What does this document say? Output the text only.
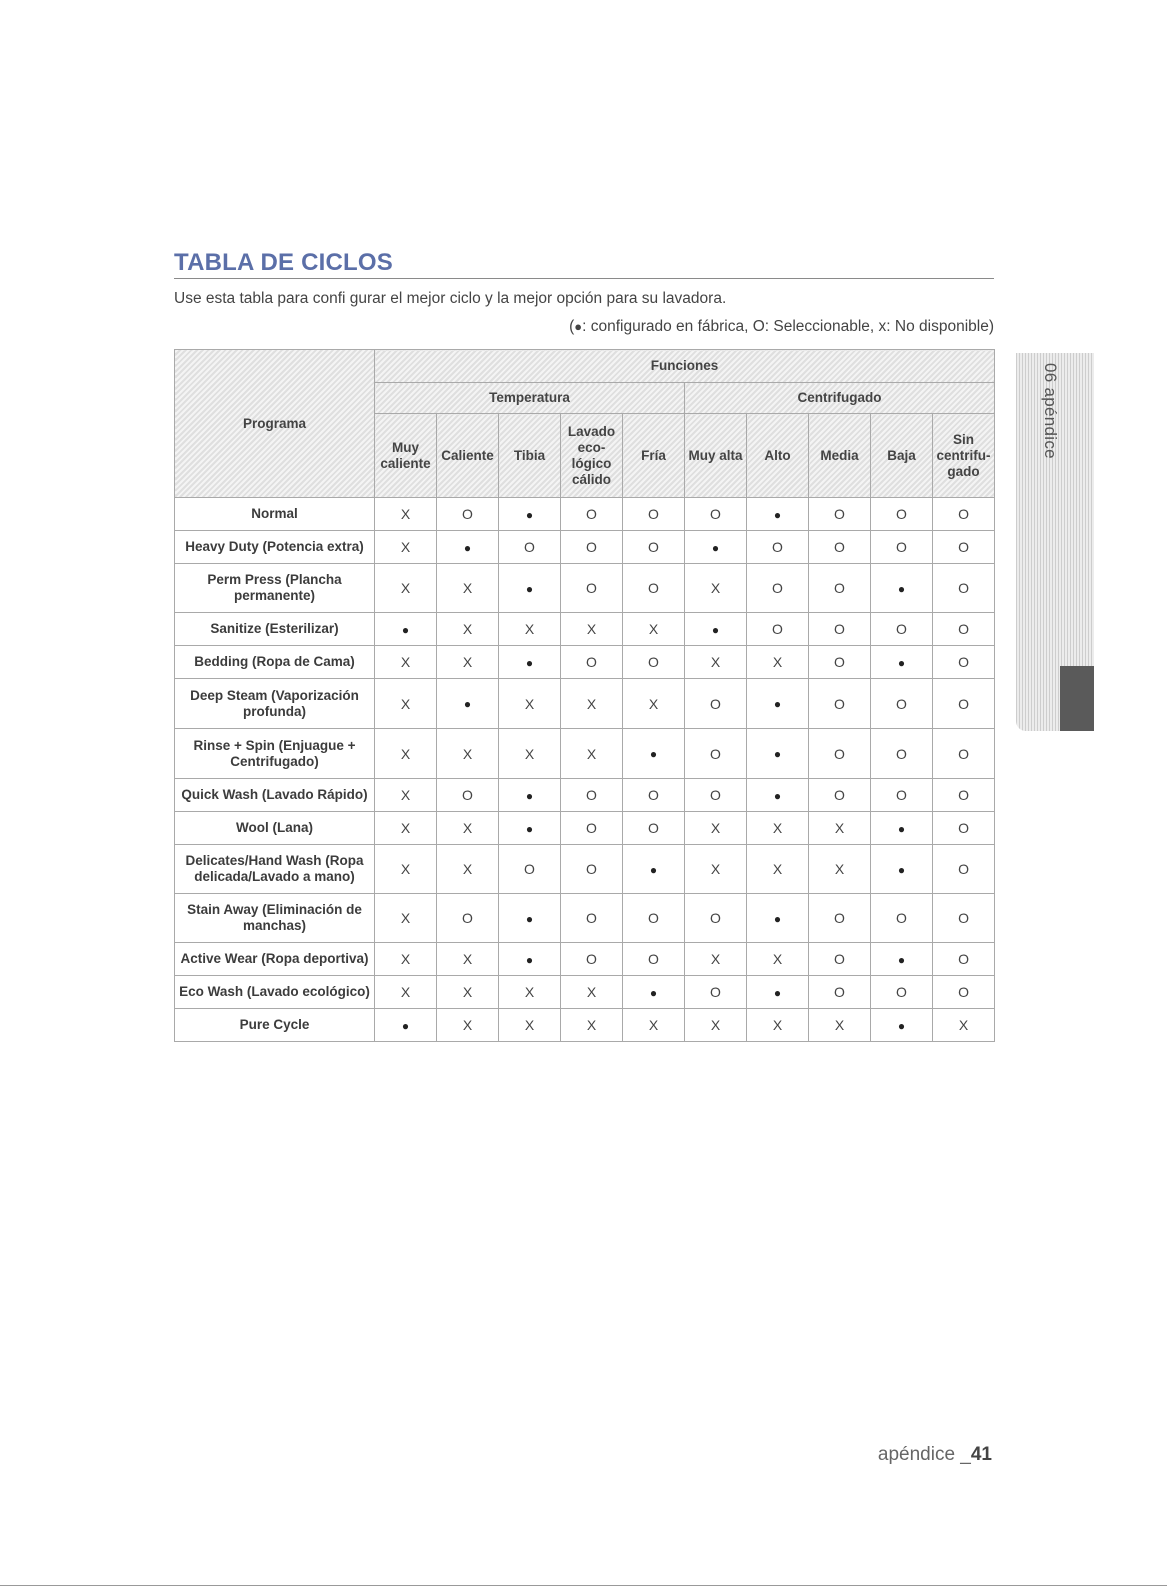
TABLA DE CICLOS
Use esta tabla para confi gurar el mejor ciclo y la mejor opción para su lavadora.
(●: configurado en fábrica, O: Seleccionable, x: No disponible)
Programa	Funciones									
	Temperatura					Centrifugado				
	Muy caliente	Caliente	Tibia	Lavado eco-lógico cálido	Fría	Muy alta	Alto	Media	Baja	Sin centrifu-gado
Normal	X	O	●	O	O	O	●	O	O	O
Heavy Duty (Potencia extra)	X	●	O	O	O	●	O	O	O	O
Perm Press (Plancha permanente)	X	X	●	O	O	X	O	O	●	O
Sanitize (Esterilizar)	●	X	X	X	X	●	O	O	O	O
Bedding (Ropa de Cama)	X	X	●	O	O	X	X	O	●	O
Deep Steam (Vaporización profunda)	X	●	X	X	X	O	●	O	O	O
Rinse + Spin (Enjuague + Centrifugado)	X	X	X	X	●	O	●	O	O	O
Quick Wash (Lavado Rápido)	X	O	●	O	O	O	●	O	O	O
Wool (Lana)	X	X	●	O	O	X	X	X	●	O
Delicates/Hand Wash (Ropa delicada/Lavado a mano)	X	X	O	O	●	X	X	X	●	O
Stain Away (Eliminación de manchas)	X	O	●	O	O	O	●	O	O	O
Active Wear (Ropa deportiva)	X	X	●	O	O	X	X	O	●	O
Eco Wash (Lavado ecológico)	X	X	X	X	●	O	●	O	O	O
Pure Cycle	●	X	X	X	X	X	X	X	●	X
06 apéndice
apéndice _41
